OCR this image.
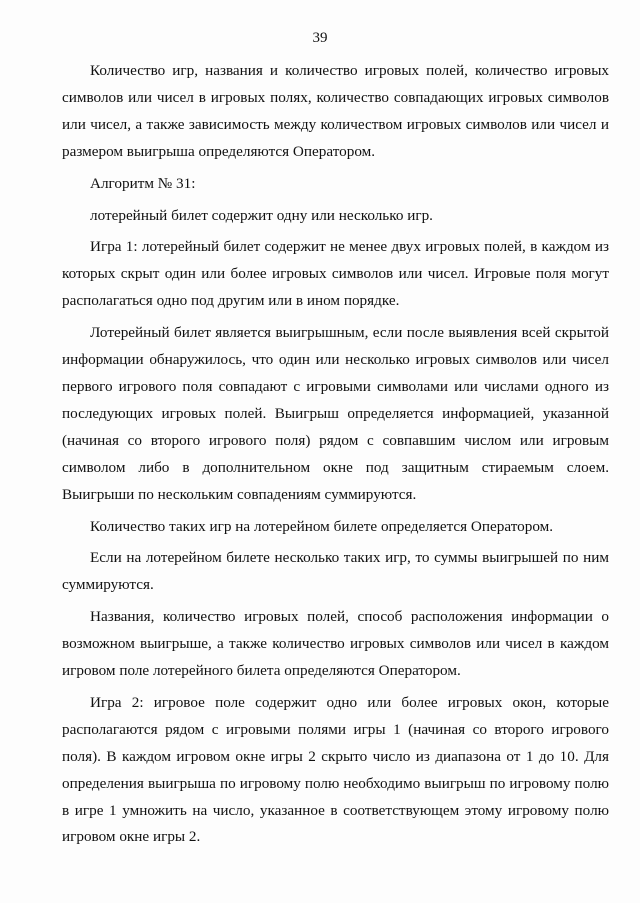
39

Количество игр, названия и количество игровых полей, количество игровых символов или чисел в игровых полях, количество совпадающих игровых символов или чисел, а также зависимость между количеством игровых символов или чисел и размером выигрыша определяются Оператором.

Алгоритм № 31:

лотерейный билет содержит одну или несколько игр.

Игра 1: лотерейный билет содержит не менее двух игровых полей, в каждом из которых скрыт один или более игровых символов или чисел. Игровые поля могут располагаться одно под другим или в ином порядке.

Лотерейный билет является выигрышным, если после выявления всей скрытой информации обнаружилось, что один или несколько игровых символов или чисел первого игрового поля совпадают с игровыми символами или числами одного из последующих игровых полей. Выигрыш определяется информацией, указанной (начиная со второго игрового поля) рядом с совпавшим числом или игровым символом либо в дополнительном окне под защитным стираемым слоем. Выигрыши по нескольким совпадениям суммируются.

Количество таких игр на лотерейном билете определяется Оператором.

Если на лотерейном билете несколько таких игр, то суммы выигрышей по ним суммируются.

Названия, количество игровых полей, способ расположения информации о возможном выигрыше, а также количество игровых символов или чисел в каждом игровом поле лотерейного билета определяются Оператором.

Игра 2: игровое поле содержит одно или более игровых окон, которые располагаются рядом с игровыми полями игры 1 (начиная со второго игрового поля). В каждом игровом окне игры 2 скрыто число из диапазона от 1 до 10. Для определения выигрыша по игровому полю необходимо выигрыш по игровому полю в игре 1 умножить на число, указанное в соответствующем этому игровому полю игровом окне игры 2.
